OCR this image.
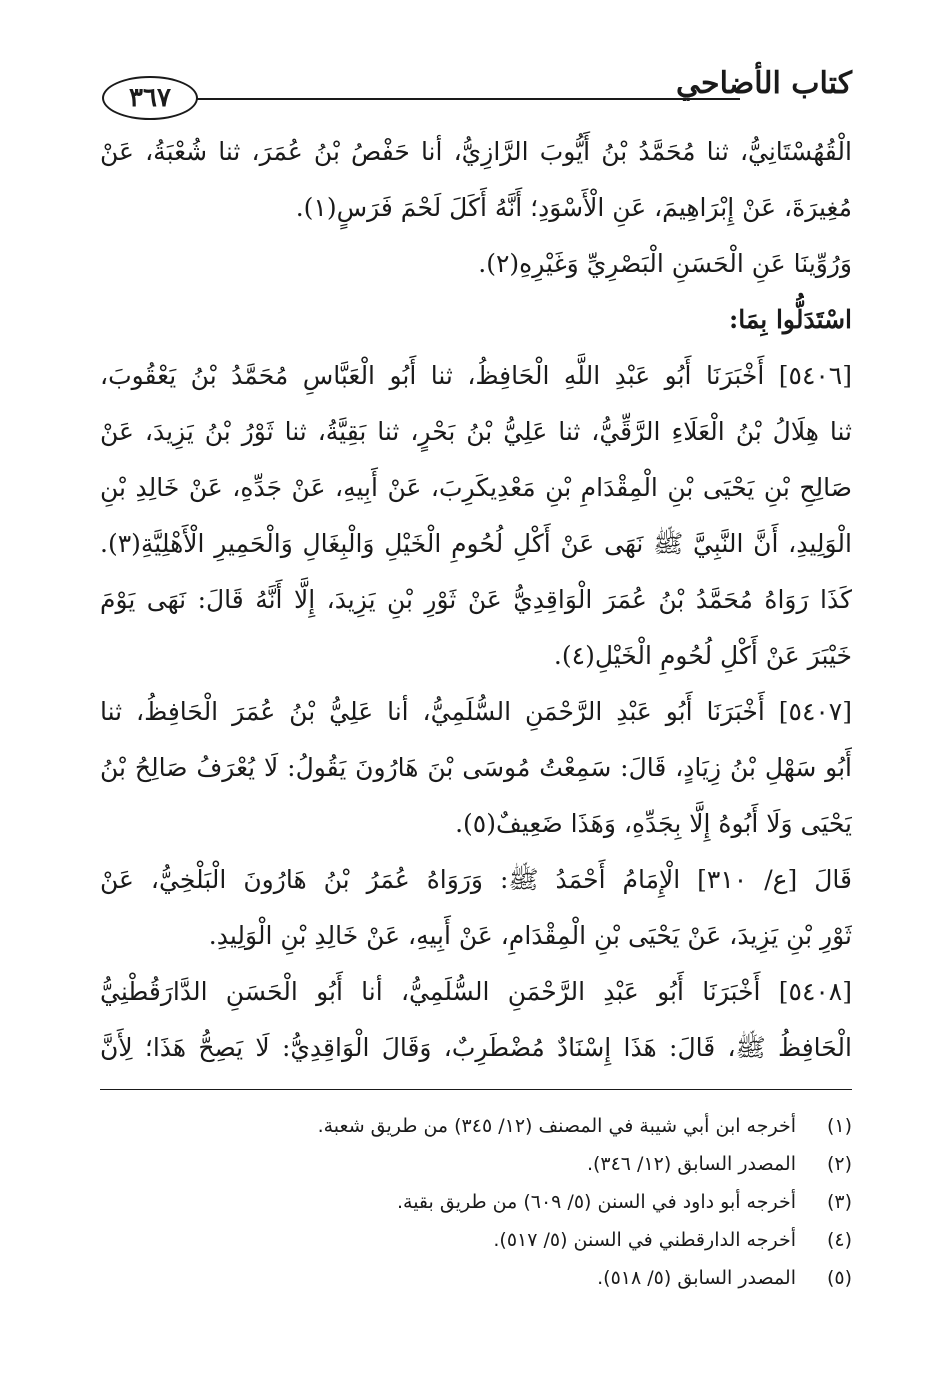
كتاب الأضاحي
٣٦٧
الْقُهُسْتَانِيُّ، ثنا مُحَمَّدُ بْنُ أَيُّوبَ الرَّازِيُّ، أنا حَفْصُ بْنُ عُمَرَ، ثنا شُعْبَةُ، عَنْ
مُغِيرَةَ، عَنْ إِبْرَاهِيمَ، عَنِ الْأَسْوَدِ؛ أَنَّهُ أَكَلَ لَحْمَ فَرَسٍ(١).
وَرُوِّينَا عَنِ الْحَسَنِ الْبَصْرِيِّ وَغَيْرِهِ(٢).
اسْتَدَلُّوا بِمَا:
[٥٤٠٦] أَخْبَرَنَا أَبُو عَبْدِ اللَّهِ الْحَافِظُ، ثنا أَبُو الْعَبَّاسِ مُحَمَّدُ بْنُ يَعْقُوبَ،
ثنا هِلَالُ بْنُ الْعَلَاءِ الرَّقِّيُّ، ثنا عَلِيُّ بْنُ بَحْرٍ، ثنا بَقِيَّةُ، ثنا ثَوْرُ بْنُ يَزِيدَ، عَنْ
صَالِحِ بْنِ يَحْيَى بْنِ الْمِقْدَامِ بْنِ مَعْدِيكَرِبَ، عَنْ أَبِيهِ، عَنْ جَدِّهِ، عَنْ خَالِدِ بْنِ
الْوَلِيدِ، أَنَّ النَّبِيَّ ﷺ نَهَى عَنْ أَكْلِ لُحُومِ الْخَيْلِ وَالْبِغَالِ وَالْحَمِيرِ الْأَهْلِيَّةِ(٣).
كَذَا رَوَاهُ مُحَمَّدُ بْنُ عُمَرَ الْوَاقِدِيُّ عَنْ ثَوْرِ بْنِ يَزِيدَ، إِلَّا أَنَّهُ قَالَ: نَهَى يَوْمَ
خَيْبَرَ عَنْ أَكْلِ لُحُومِ الْخَيْلِ(٤).
[٥٤٠٧] أَخْبَرَنَا أَبُو عَبْدِ الرَّحْمَنِ السُّلَمِيُّ، أنا عَلِيُّ بْنُ عُمَرَ الْحَافِظُ، ثنا
أَبُو سَهْلِ بْنُ زِيَادٍ، قَالَ: سَمِعْتُ مُوسَى بْنَ هَارُونَ يَقُولُ: لَا يُعْرَفُ صَالِحُ بْنُ
يَحْيَى وَلَا أَبُوهُ إِلَّا بِجَدِّهِ، وَهَذَا ضَعِيفٌ(٥).
قَالَ [ع/ ٣١٠] الْإِمَامُ أَحْمَدُ ﷺ: وَرَوَاهُ عُمَرُ بْنُ هَارُونَ الْبَلْخِيُّ، عَنْ
ثَوْرِ بْنِ يَزِيدَ، عَنْ يَحْيَى بْنِ الْمِقْدَامِ، عَنْ أَبِيهِ، عَنْ خَالِدِ بْنِ الْوَلِيدِ.
[٥٤٠٨] أَخْبَرَنَا أَبُو عَبْدِ الرَّحْمَنِ السُّلَمِيُّ، أنا أَبُو الْحَسَنِ الدَّارَقُطْنِيُّ
الْحَافِظُ ﷺ، قَالَ: هَذَا إِسْنَادٌ مُضْطَرِبٌ، وَقَالَ الْوَاقِدِيُّ: لَا يَصِحُّ هَذَا؛ لِأَنَّ
(١)
أخرجه ابن أبي شيبة في المصنف (١٢/ ٣٤٥) من طريق شعبة.
(٢)
المصدر السابق (١٢/ ٣٤٦).
(٣)
أخرجه أبو داود في السنن (٥/ ٦٠٩) من طريق بقية.
(٤)
أخرجه الدارقطني في السنن (٥/ ٥١٧).
(٥)
المصدر السابق (٥/ ٥١٨).
